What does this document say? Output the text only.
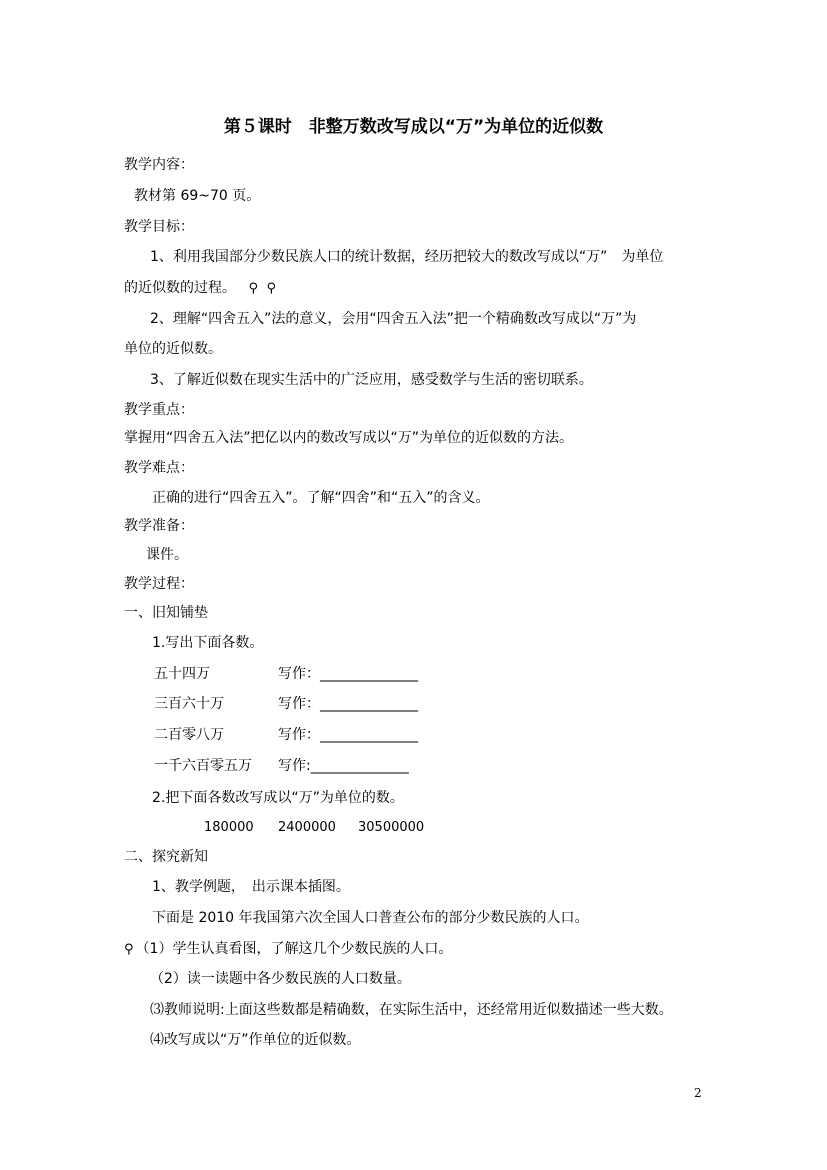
第５课时　非整万数改写成以“万”为单位的近似数
教学内容：
教材第 69~70 页。
教学目标：
1、利用我国部分少数民族人口的统计数据，经历把较大的数改写成以“万”　为单位
的近似数的过程。 ⚲ ⚲
2、理解“四舍五入”法的意义，会用“四舍五入法”把一个精确数改写成以“万”为
单位的近似数。
3、了解近似数在现实生活中的广泛应用，感受数学与生活的密切联系。
教学重点：
掌握用“四舍五入法”把亿以内的数改写成以“万”为单位的近似数的方法。
教学难点：
正确的进行“四舍五入”。了解“四舍”和“五入”的含义。
教学准备：
课件。
教学过程：
一、旧知铺垫
1.写出下面各数。
五十四万	写作：______________
三百六十万	写作：______________
二百零八万	写作：______________
一千六百零五万 写作:______________
2.把下面各数改写成以“万”为单位的数。
180000 2400000 30500000
二、探究新知
1、教学例题，　出示课本插图。
下面是 2010 年我国第六次全国人口普查公布的部分少数民族的人口。
⚲ （1）学生认真看图，了解这几个少数民族的人口。
（2）读一读题中各少数民族的人口数量。
⑶教师说明:上面这些数都是精确数，在实际生活中，还经常用近似数描述一些大数。
⑷改写成以“万”作单位的近似数。
2
